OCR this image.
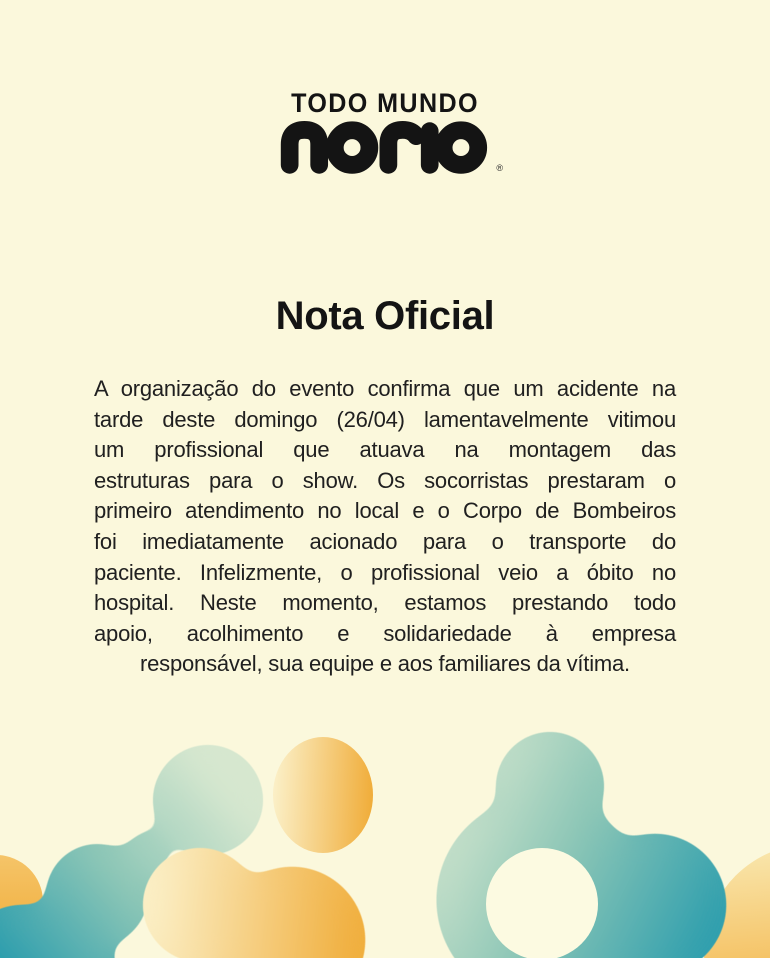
TODO MUNDO

®
Nota Oficial
A organização do evento confirma que um acidente na
tarde deste domingo (26/04) lamentavelmente vitimou
um profissional que atuava na montagem das
estruturas para o show. Os socorristas prestaram o
primeiro atendimento no local e o Corpo de Bombeiros
foi imediatamente acionado para o transporte do
paciente. Infelizmente, o profissional veio a óbito no
hospital. Neste momento, estamos prestando todo
apoio, acolhimento e solidariedade à empresa
responsável, sua equipe e aos familiares da vítima.
